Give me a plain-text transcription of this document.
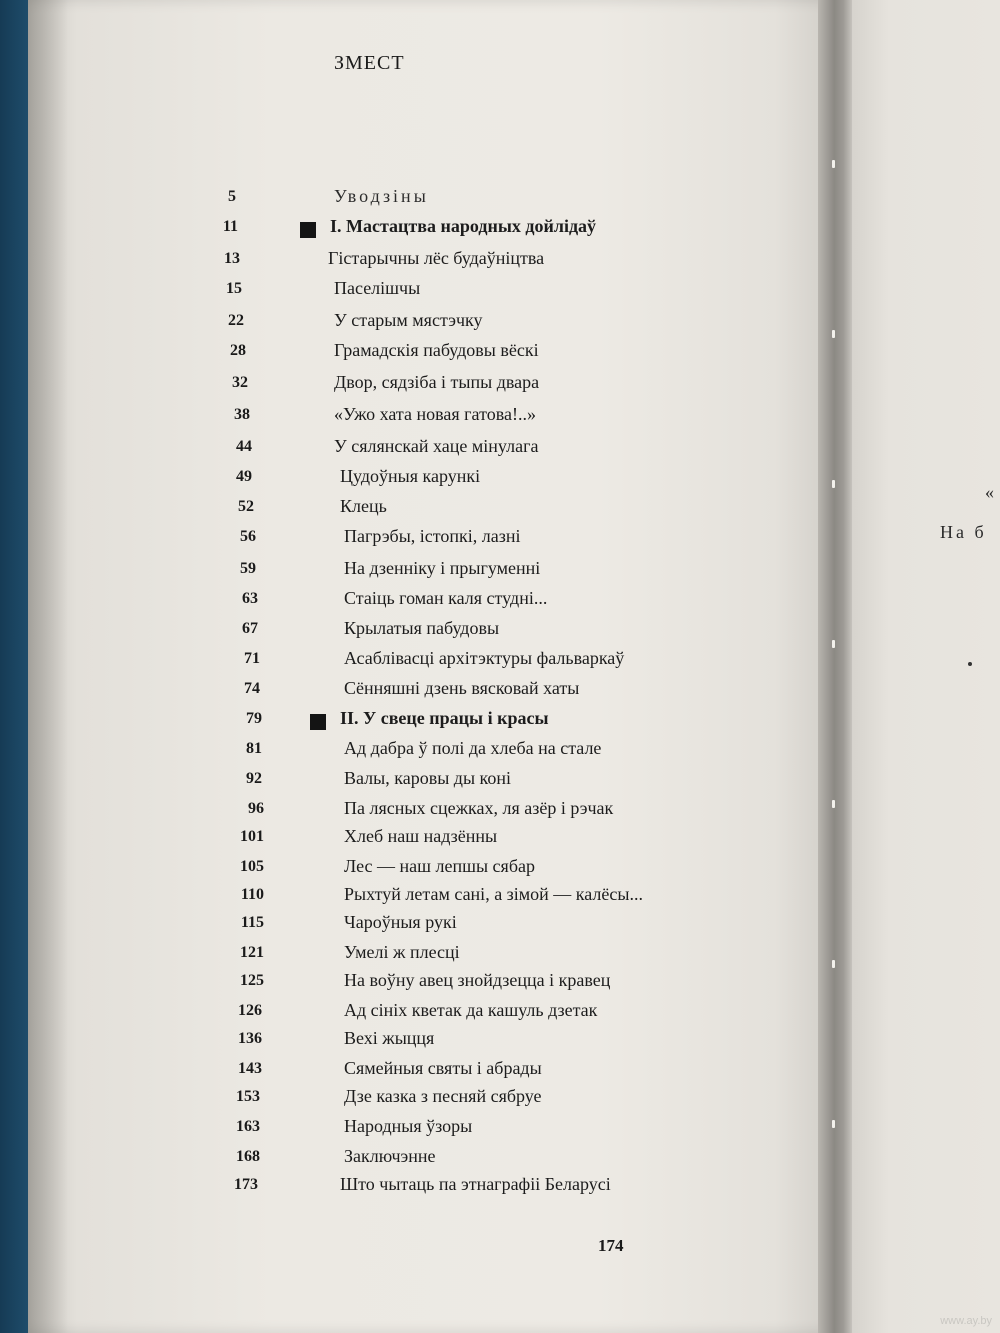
«
На б
ЗМЕСТ
5	Уводзіны
11	I. Мастацтва народных дойлідаў
13	Гістарычны лёс будаўніцтва
15	Паселішчы
22	У старым мястэчку
28	Грамадскія пабудовы вёскі
32	Двор, сядзіба і тыпы двара
38	«Ужо хата новая гатова!..»
44	У сялянскай хаце мінулага
49	Цудоўныя карункі
52	Клець
56	Пагрэбы, істопкі, лазні
59	На дзенніку і прыгуменні
63	Стаіць гоман каля студні...
67	Крылатыя пабудовы
71	Асаблівасці архітэктуры фальваркаў
74	Сённяшні дзень вясковай хаты
79	II. У свеце працы і красы
81	Ад дабра ў полі да хлеба на стале
92	Валы, каровы ды коні
96	Па лясных сцежках, ля азёр і рэчак
101	Хлеб наш надзённы
105	Лес — наш лепшы сябар
110	Рыхтуй летам сані, а зімой — калёсы...
115	Чароўныя рукі
121	Умелі ж плесці
125	На воўну авец знойдзецца і кравец
126	Ад сініх кветак да кашуль дзетак
136	Вехі жыцця
143	Сямейныя святы і абрады
153	Дзе казка з песняй сябруе
163	Народныя ўзоры
168	Заключэнне
173	Што чытаць па этнаграфіі Беларусі
174
www.ay.by
